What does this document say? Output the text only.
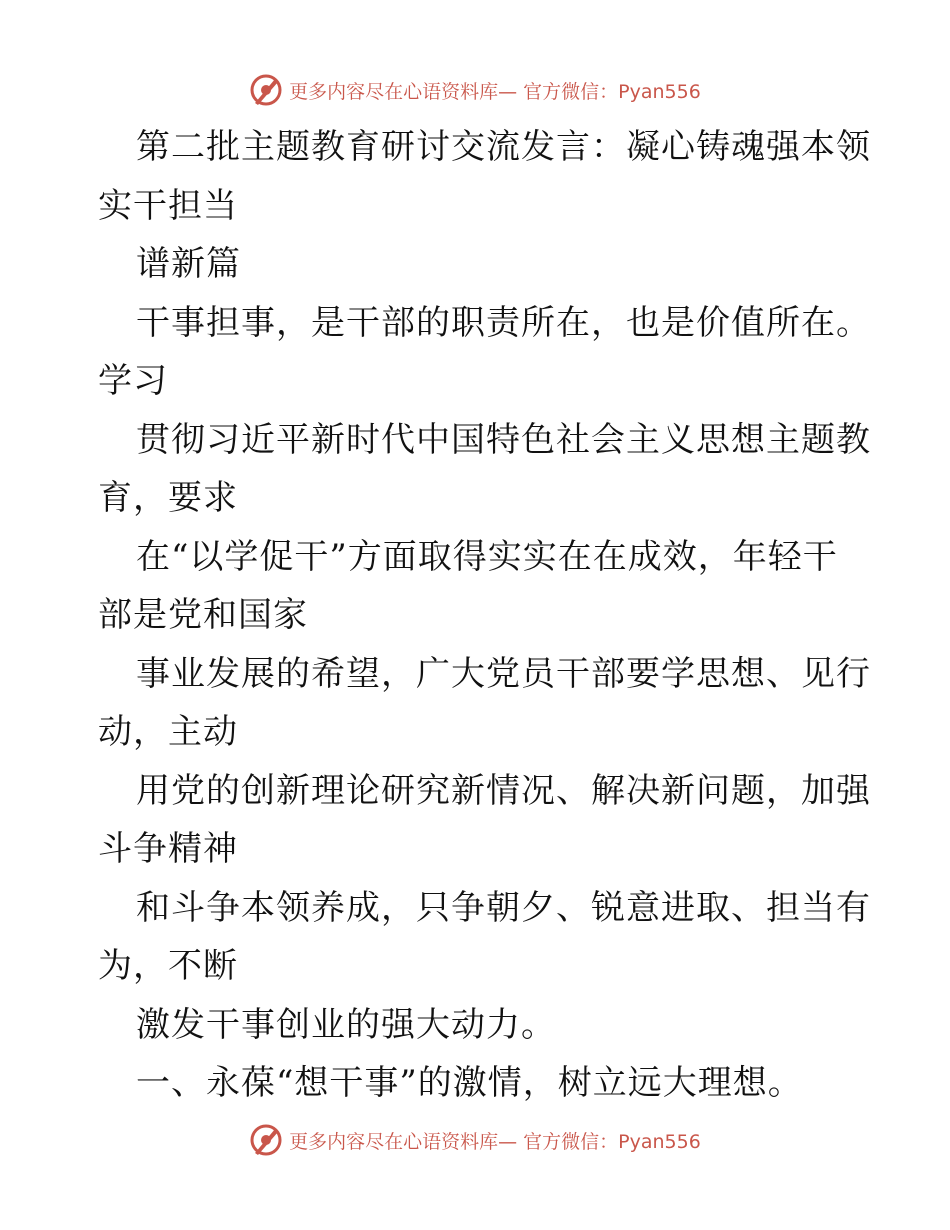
更多内容尽在心语资料库— 官方微信：Pyan556
第二批主题教育研讨交流发言：凝心铸魂强本领
实干担当
谱新篇
干事担事，是干部的职责所在，也是价值所在。
学习
贯彻习近平新时代中国特色社会主义思想主题教
育，要求
在“以学促干”方面取得实实在在成效，年轻干
部是党和国家
事业发展的希望，广大党员干部要学思想、见行
动，主动
用党的创新理论研究新情况、解决新问题，加强
斗争精神
和斗争本领养成，只争朝夕、锐意进取、担当有
为，不断
激发干事创业的强大动力。
一、永葆“想干事”的激情，树立远大理想。
更多内容尽在心语资料库— 官方微信：Pyan556
